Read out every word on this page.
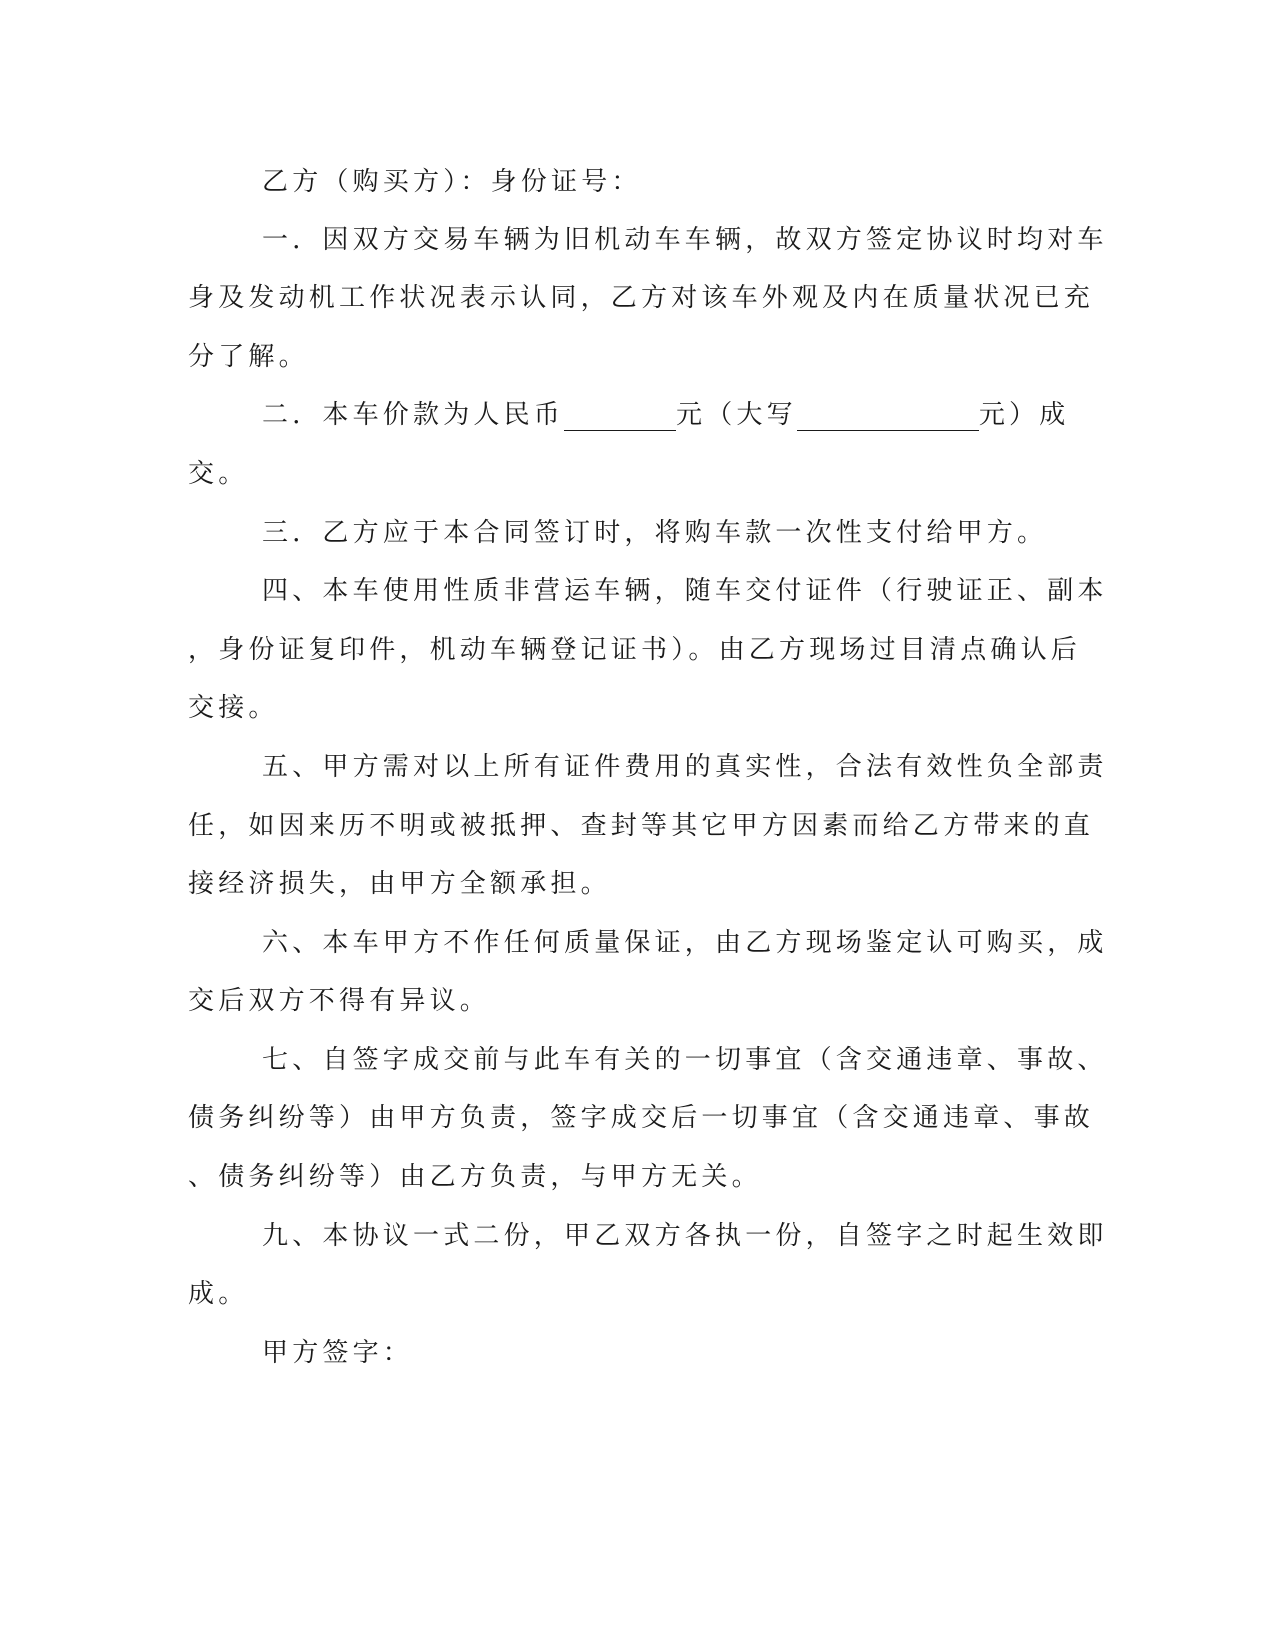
乙方（购买方）：身份证号：

一．因双方交易车辆为旧机动车车辆，故双方签定协议时均对车

身及发动机工作状况表示认同，乙方对该车外观及内在质量状况已充

分了解。

二．本车价款为人民币	元（大写	元）成

交。

三．乙方应于本合同签订时，将购车款一次性支付给甲方。

四、本车使用性质非营运车辆，随车交付证件（行驶证正、副本

，身份证复印件，机动车辆登记证书）。由乙方现场过目清点确认后

交接。

五、甲方需对以上所有证件费用的真实性，合法有效性负全部责

任，如因来历不明或被抵押、查封等其它甲方因素而给乙方带来的直

接经济损失，由甲方全额承担。

六、本车甲方不作任何质量保证，由乙方现场鉴定认可购买，成

交后双方不得有异议。

七、自签字成交前与此车有关的一切事宜（含交通违章、事故、

债务纠纷等）由甲方负责，签字成交后一切事宜（含交通违章、事故

、债务纠纷等）由乙方负责，与甲方无关。

九、本协议一式二份，甲乙双方各执一份，自签字之时起生效即

成。

甲方签字：
